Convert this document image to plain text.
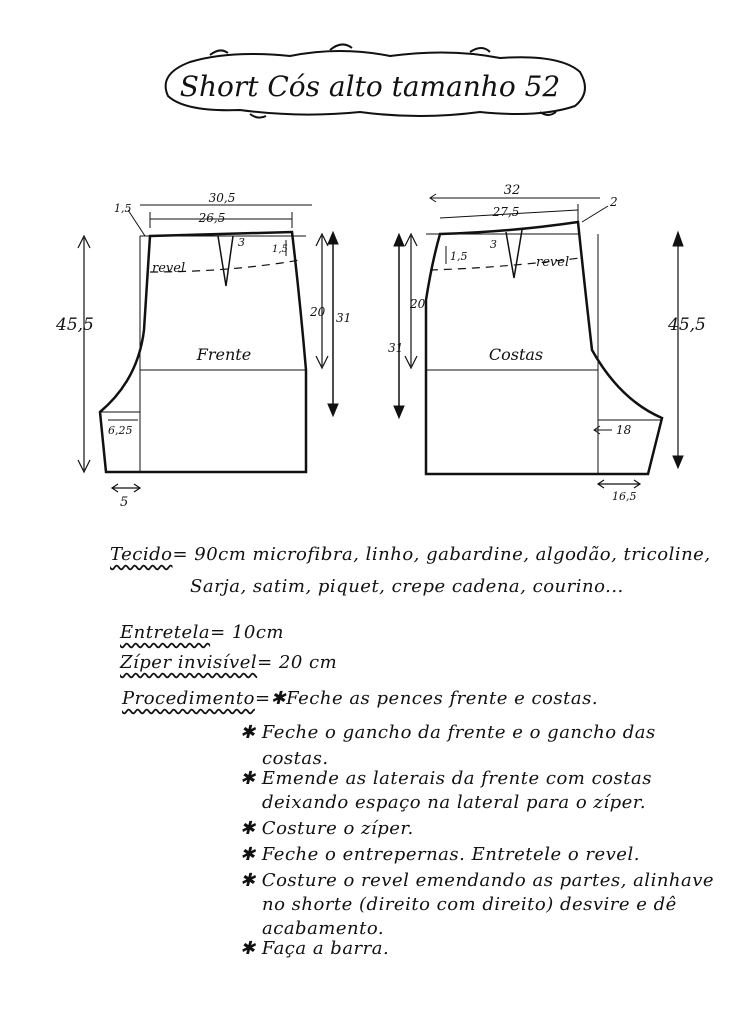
Short Cós alto tamanho 52
Frente
30,5
26,5
1,5
3
1,5
revel
45,5
20 31
6,25
5
Costas
32
27,5
2
3
1,5	revel
45,5
20
31
18
16,5
Tecido= 90cm microfibra, linho, gabardine, algodão, tricoline,
Sarja, satim, piquet, crepe cadena, courino...
Entretela= 10cm
Zíper invisível= 20 cm
Procedimento=✱Feche as pences frente e costas.
✱ Feche o gancho da frente e o gancho das
costas.
✱ Emende as laterais da frente com costas
deixando espaço na lateral para o zíper.
✱ Costure o zíper.
✱ Feche o entrepernas. Entretele o revel.
✱ Costure o revel emendando as partes, alinhave
no shorte (direito com direito) desvire e dê
acabamento.
✱ Faça a barra.
